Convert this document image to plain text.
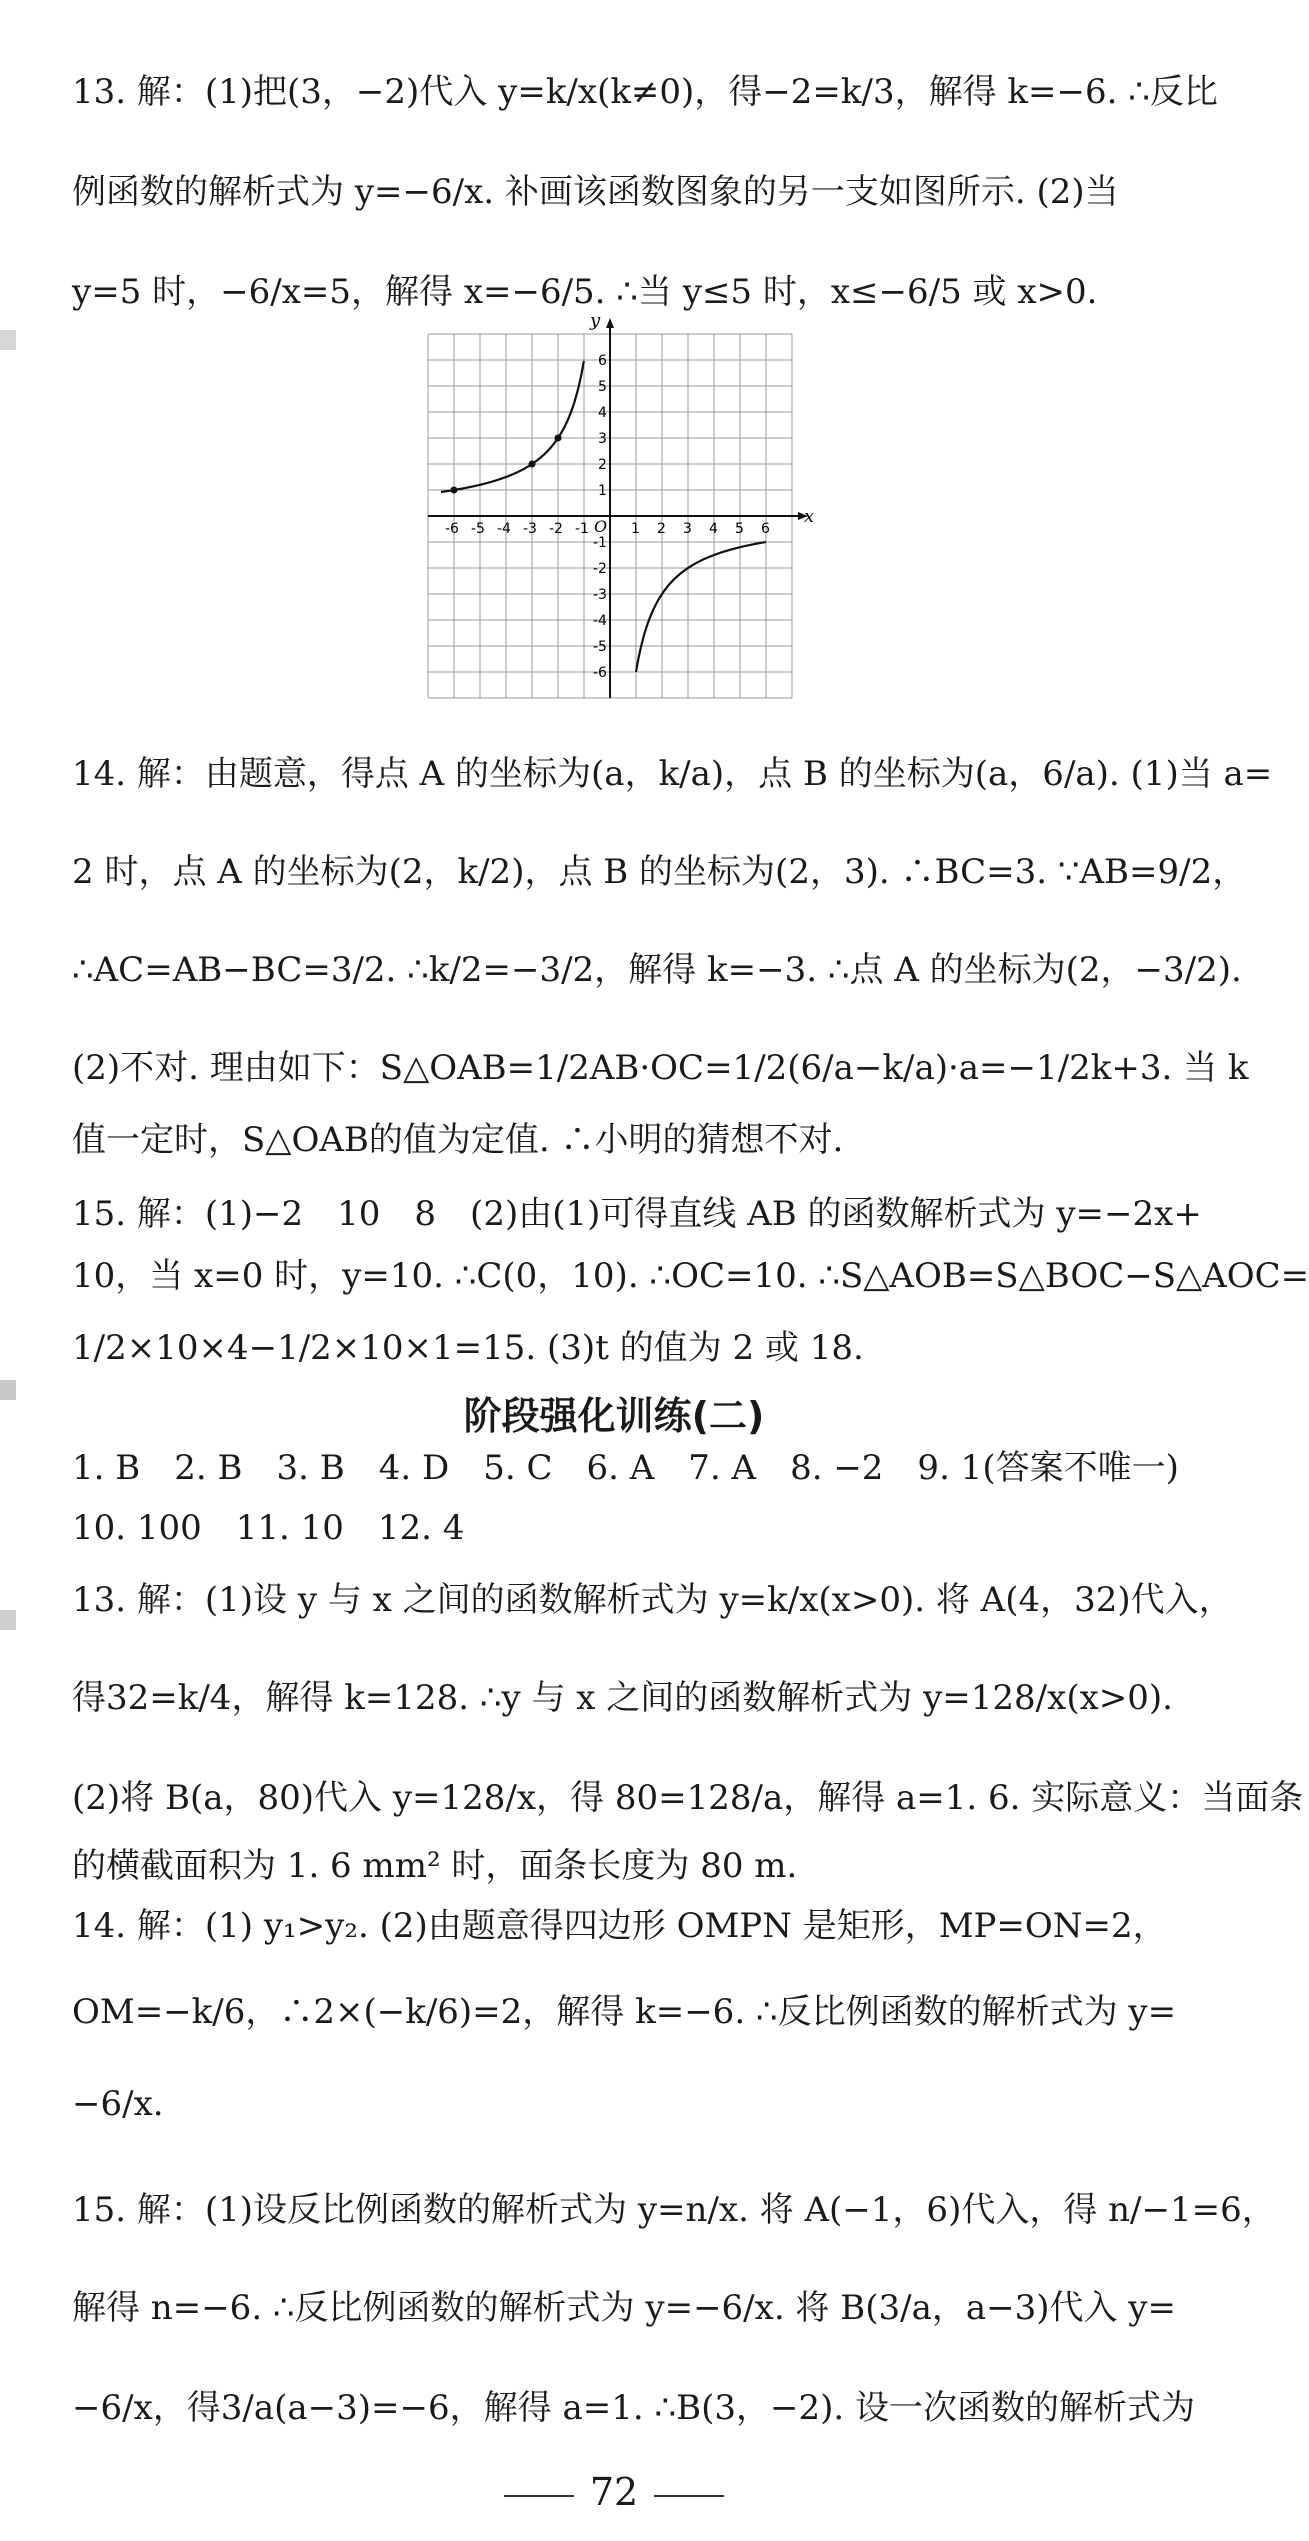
13. 解：(1)把(3，−2)代入 y=k/x(k≠0)，得−2=k/3，解得 k=−6. ∴反比
例函数的解析式为 y=−6/x. 补画该函数图象的另一支如图所示. (2)当
y=5 时，−6/x=5，解得 x=−6/5. ∴当 y≤5 时，x≤−6/5 或 x>0.
x
y
O
-6 -5 -4 -3 -2 -1	1 2 3 4 5 6
6
5
4
3
2
1
-1
-2
-3
-4
-5
-6
14. 解：由题意，得点 A 的坐标为(a，k/a)，点 B 的坐标为(a，6/a). (1)当 a=
2 时，点 A 的坐标为(2，k/2)，点 B 的坐标为(2，3). ∴BC=3. ∵AB=9/2，
∴AC=AB−BC=3/2. ∴k/2=−3/2，解得 k=−3. ∴点 A 的坐标为(2，−3/2).
(2)不对. 理由如下：S△OAB=1/2AB·OC=1/2(6/a−k/a)·a=−1/2k+3. 当 k
值一定时，S△OAB的值为定值. ∴小明的猜想不对.
15. 解：(1)−2　10　8　(2)由(1)可得直线 AB 的函数解析式为 y=−2x+
10，当 x=0 时，y=10. ∴C(0，10). ∴OC=10. ∴S△AOB=S△BOC−S△AOC=
1/2×10×4−1/2×10×1=15. (3)t 的值为 2 或 18.
阶段强化训练(二)
1. B　2. B　3. B　4. D　5. C　6. A　7. A　8. −2　9. 1(答案不唯一)
10. 100　11. 10　12. 4
13. 解：(1)设 y 与 x 之间的函数解析式为 y=k/x(x>0). 将 A(4，32)代入，
得32=k/4，解得 k=128. ∴y 与 x 之间的函数解析式为 y=128/x(x>0).
(2)将 B(a，80)代入 y=128/x，得 80=128/a，解得 a=1. 6. 实际意义：当面条
的横截面积为 1. 6 mm² 时，面条长度为 80 m.
14. 解：(1) y₁>y₂. (2)由题意得四边形 OMPN 是矩形，MP=ON=2，
OM=−k/6，∴2×(−k/6)=2，解得 k=−6. ∴反比例函数的解析式为 y=
−6/x.
15. 解：(1)设反比例函数的解析式为 y=n/x. 将 A(−1，6)代入，得 n/−1=6，
解得 n=−6. ∴反比例函数的解析式为 y=−6/x. 将 B(3/a，a−3)代入 y=
−6/x，得3/a(a−3)=−6，解得 a=1. ∴B(3，−2). 设一次函数的解析式为
72
